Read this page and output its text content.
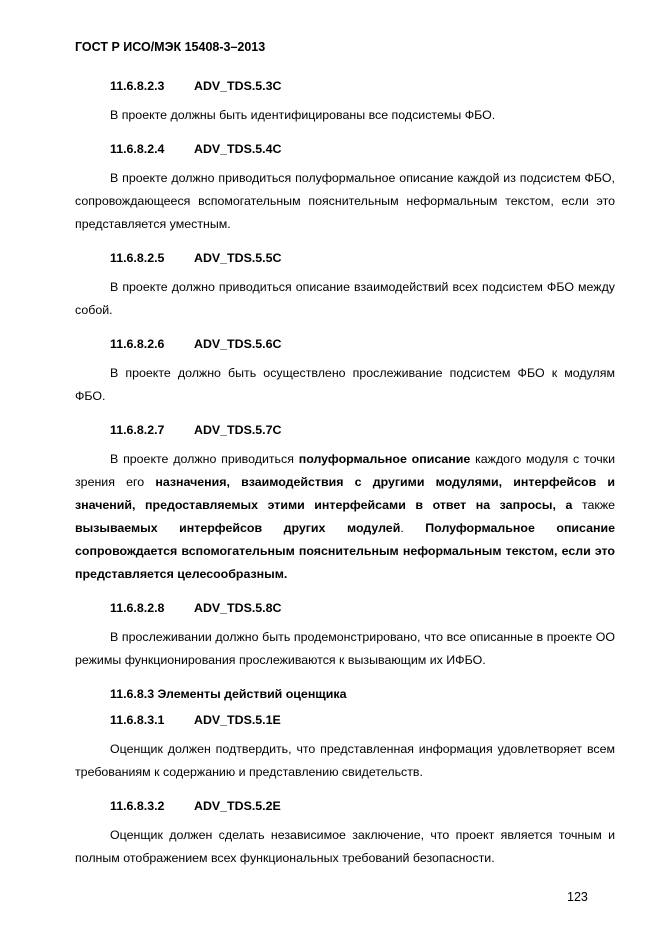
ГОСТ Р ИСО/МЭК 15408-3–2013

11.6.8.2.3 ADV_TDS.5.3C

В проекте должны быть идентифицированы все подсистемы ФБО.

11.6.8.2.4 ADV_TDS.5.4C

В проекте должно приводиться полуформальное описание каждой из подсистем ФБО, сопровождающееся вспомогательным пояснительным неформальным текстом, если это представляется уместным.

11.6.8.2.5 ADV_TDS.5.5C

В проекте должно приводиться описание взаимодействий всех подсистем ФБО между собой.

11.6.8.2.6 ADV_TDS.5.6C

В проекте должно быть осуществлено прослеживание подсистем ФБО к модулям ФБО.

11.6.8.2.7 ADV_TDS.5.7C

В проекте должно приводиться полуформальное описание каждого модуля с точки зрения его назначения, взаимодействия с другими модулями, интерфейсов и значений, предоставляемых этими интерфейсами в ответ на запросы, а также вызываемых интерфейсов других модулей. Полуформальное описание сопровождается вспомогательным пояснительным неформальным текстом, если это представляется целесообразным.

11.6.8.2.8 ADV_TDS.5.8C

В прослеживании должно быть продемонстрировано, что все описанные в проекте ОО режимы функционирования прослеживаются к вызывающим их ИФБО.

11.6.8.3 Элементы действий оценщика

11.6.8.3.1 ADV_TDS.5.1E

Оценщик должен подтвердить, что представленная информация удовлетворяет всем требованиям к содержанию и представлению свидетельств.

11.6.8.3.2 ADV_TDS.5.2E

Оценщик должен сделать независимое заключение, что проект является точным и полным отображением всех функциональных требований безопасности.

123
